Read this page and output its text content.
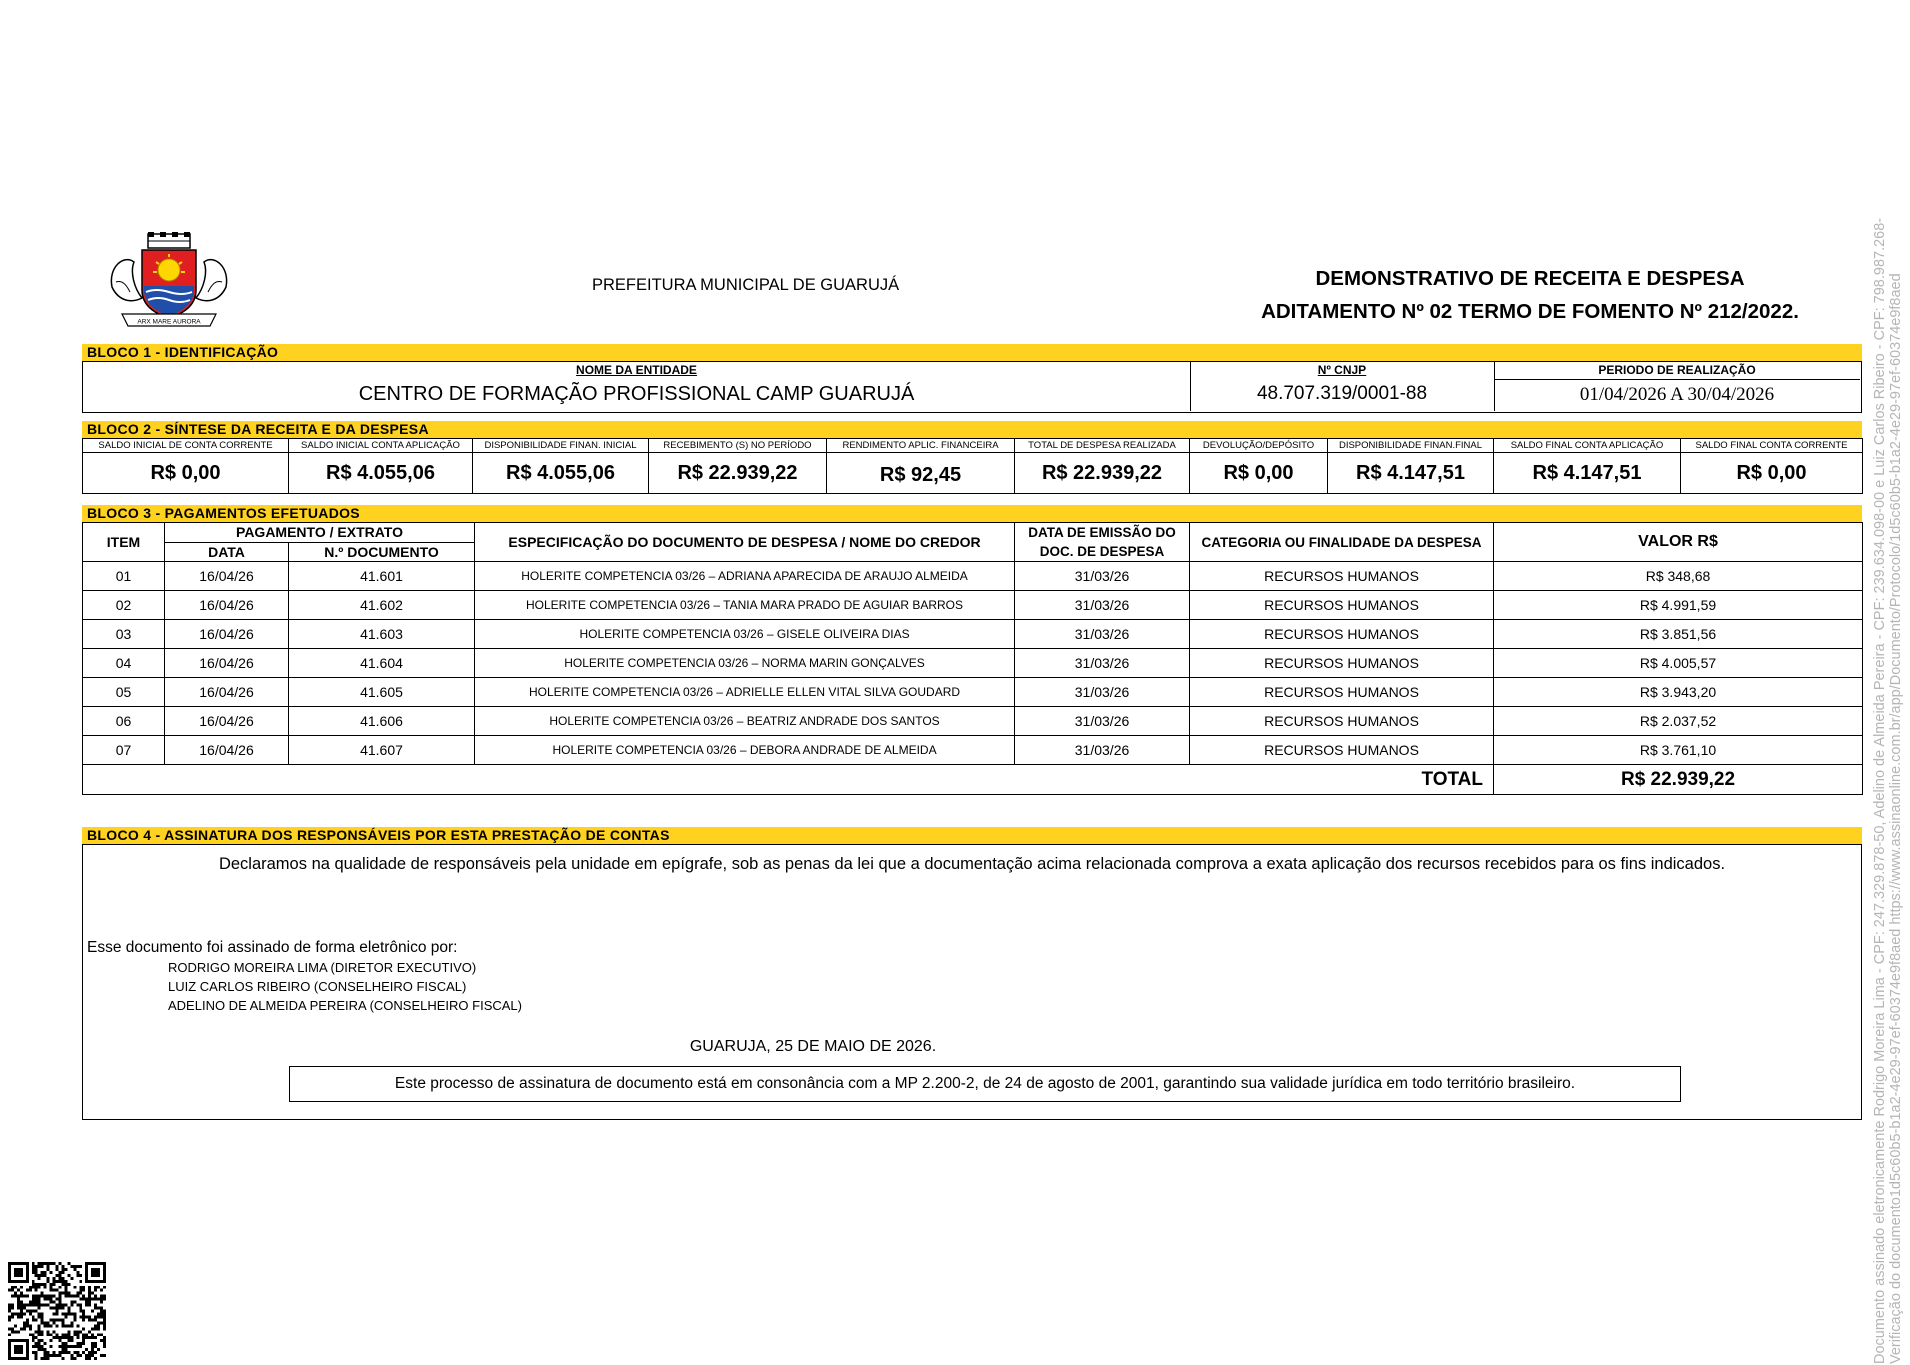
ARX MARE AURORA
PREFEITURA MUNICIPAL DE GUARUJÁ	DEMONSTRATIVO DE RECEITA E DESPESA
ADITAMENTO Nº 02 TERMO DE FOMENTO Nº 212/2022.
BLOCO 1 - IDENTIFICAÇÃO
NOME DA ENTIDADE
CENTRO DE FORMAÇÃO PROFISSIONAL CAMP GUARUJÁ
Nº CNJP
48.707.319/0001-88
PERIODO DE REALIZAÇÃO
01/04/2026 A 30/04/2026
BLOCO 2 - SÍNTESE DA RECEITA E DA DESPESA
SALDO INICIAL DE CONTA CORRENTE	SALDO INICIAL CONTA APLICAÇÃO	DISPONIBILIDADE FINAN. INICIAL	RECEBIMENTO (S) NO PERÍODO	RENDIMENTO APLIC. FINANCEIRA	TOTAL DE DESPESA REALIZADA	DEVOLUÇÃO/DEPÓSITO	DISPONIBILIDADE FINAN.FINAL	SALDO FINAL CONTA APLICAÇÃO	SALDO FINAL CONTA CORRENTE
R$ 0,00	R$ 4.055,06	R$ 4.055,06	R$ 22.939,22	R$ 92,45	R$ 22.939,22	R$ 0,00	R$ 4.147,51	R$ 4.147,51	R$ 0,00
BLOCO 3 - PAGAMENTOS EFETUADOS
ITEM	PAGAMENTO / EXTRATO		ESPECIFICAÇÃO DO DOCUMENTO DE DESPESA / NOME DO CREDOR	DATA DE EMISSÃO DO
DOC. DE DESPESA	CATEGORIA OU FINALIDADE DA DESPESA	VALOR R$
	DATA	N.º DOCUMENTO				
01	16/04/26	41.601	HOLERITE COMPETENCIA 03/26 – ADRIANA APARECIDA DE ARAUJO ALMEIDA	31/03/26	RECURSOS HUMANOS	R$ 348,68
02	16/04/26	41.602	HOLERITE COMPETENCIA 03/26 – TANIA MARA PRADO DE AGUIAR BARROS	31/03/26	RECURSOS HUMANOS	R$ 4.991,59
03	16/04/26	41.603	HOLERITE COMPETENCIA 03/26 – GISELE OLIVEIRA DIAS	31/03/26	RECURSOS HUMANOS	R$ 3.851,56
04	16/04/26	41.604	HOLERITE COMPETENCIA 03/26 – NORMA MARIN GONÇALVES	31/03/26	RECURSOS HUMANOS	R$ 4.005,57
05	16/04/26	41.605	HOLERITE COMPETENCIA 03/26 – ADRIELLE ELLEN VITAL SILVA GOUDARD	31/03/26	RECURSOS HUMANOS	R$ 3.943,20
06	16/04/26	41.606	HOLERITE COMPETENCIA 03/26 – BEATRIZ ANDRADE DOS SANTOS	31/03/26	RECURSOS HUMANOS	R$ 2.037,52
07	16/04/26	41.607	HOLERITE COMPETENCIA 03/26 – DEBORA ANDRADE DE ALMEIDA	31/03/26	RECURSOS HUMANOS	R$ 3.761,10
TOTAL						R$ 22.939,22
BLOCO 4 - ASSINATURA DOS RESPONSÁVEIS POR ESTA PRESTAÇÃO DE CONTAS
Declaramos na qualidade de responsáveis pela unidade em epígrafe, sob as penas da lei que a documentação acima relacionada comprova a exata aplicação dos recursos recebidos para os fins indicados.
Esse documento foi assinado de forma eletrônico por:
RODRIGO MOREIRA LIMA (DIRETOR EXECUTIVO)
LUIZ CARLOS RIBEIRO (CONSELHEIRO FISCAL)
ADELINO DE ALMEIDA PEREIRA (CONSELHEIRO FISCAL)
GUARUJA, 25 DE MAIO DE 2026.
Este processo de assinatura de documento está em consonância com a MP 2.200-2, de 24 de agosto de 2001, garantindo sua validade jurídica em todo território brasileiro.	Documento assinado eletronicamente Rodrigo Moreira Lima - CPF: 247.329.878-50, Adelino de Almeida Pereira - CPF: 239.634.098-00 e Luiz Carlos Ribeiro - CPF: 798.987.268- Verificação do documento1d5c60b5-b1a2-4e29-97ef-60374e9f8aed https://www.assinaonline.com.br/app/Documento/Protocolo/1d5c60b5-b1a2-4e29-97ef-60374e9f8aed
